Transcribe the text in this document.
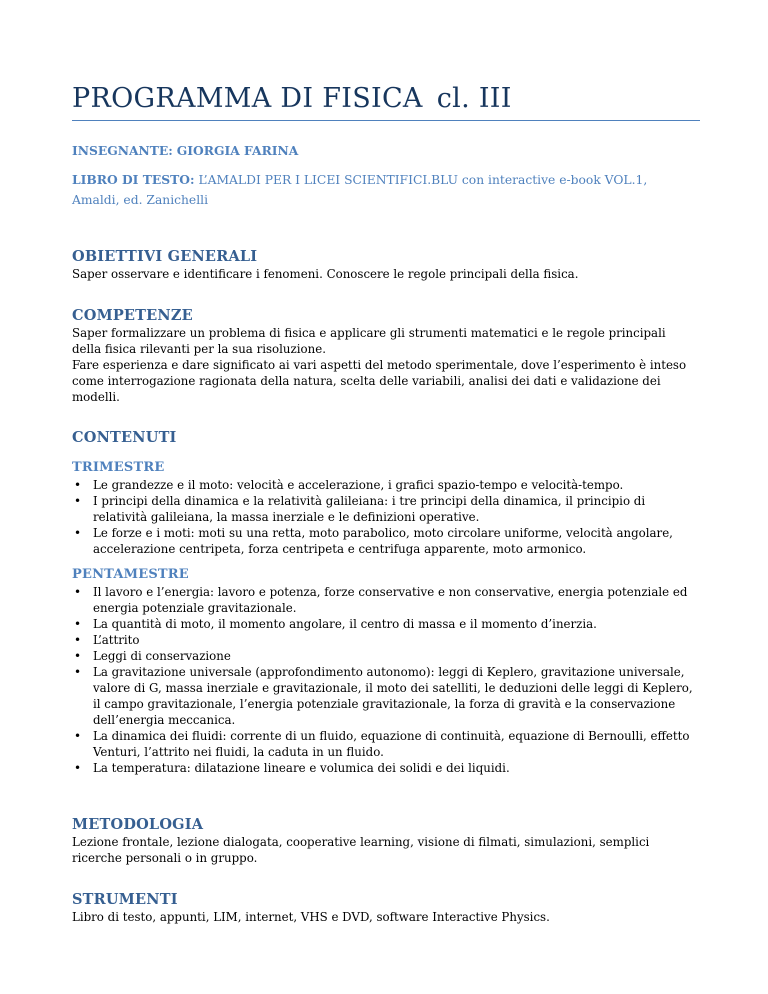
PROGRAMMA DI FISICA cl. III
INSEGNANTE: GIORGIA FARINA
LIBRO DI TESTO: L’AMALDI PER I LICEI SCIENTIFICI.BLU con interactive e-book VOL.1, Amaldi, ed. Zanichelli
OBIETTIVI GENERALI
Saper osservare e identificare i fenomeni. Conoscere le regole principali della fisica.
COMPETENZE
Saper formalizzare un problema di fisica e applicare gli strumenti matematici e le regole principali della fisica rilevanti per la sua risoluzione.
Fare esperienza e dare significato ai vari aspetti del metodo sperimentale, dove l’esperimento è inteso come interrogazione ragionata della natura, scelta delle variabili, analisi dei dati e validazione dei modelli.
CONTENUTI
TRIMESTRE
• Le grandezze e il moto: velocità e accelerazione, i grafici spazio-tempo e velocità-tempo.
• I principi della dinamica e la relatività galileiana: i tre principi della dinamica, il principio di relatività galileiana, la massa inerziale e le definizioni operative.
• Le forze e i moti: moti su una retta, moto parabolico, moto circolare uniforme, velocità angolare, accelerazione centripeta, forza centripeta e centrifuga apparente, moto armonico.
PENTAMESTRE
• Il lavoro e l’energia: lavoro e potenza, forze conservative e non conservative, energia potenziale ed energia potenziale gravitazionale.
• La quantità di moto, il momento angolare, il centro di massa e il momento d’inerzia.
• L’attrito
• Leggi di conservazione
• La gravitazione universale (approfondimento autonomo): leggi di Keplero, gravitazione universale, valore di G, massa inerziale e gravitazionale, il moto dei satelliti, le deduzioni delle leggi di Keplero, il campo gravitazionale, l’energia potenziale gravitazionale, la forza di gravità e la conservazione dell’energia meccanica.
• La dinamica dei fluidi: corrente di un fluido, equazione di continuità, equazione di Bernoulli, effetto Venturi, l’attrito nei fluidi, la caduta in un fluido.
• La temperatura: dilatazione lineare e volumica dei solidi e dei liquidi.
METODOLOGIA
Lezione frontale, lezione dialogata, cooperative learning, visione di filmati, simulazioni, semplici ricerche personali o in gruppo.
STRUMENTI
Libro di testo, appunti, LIM, internet, VHS e DVD, software Interactive Physics.
